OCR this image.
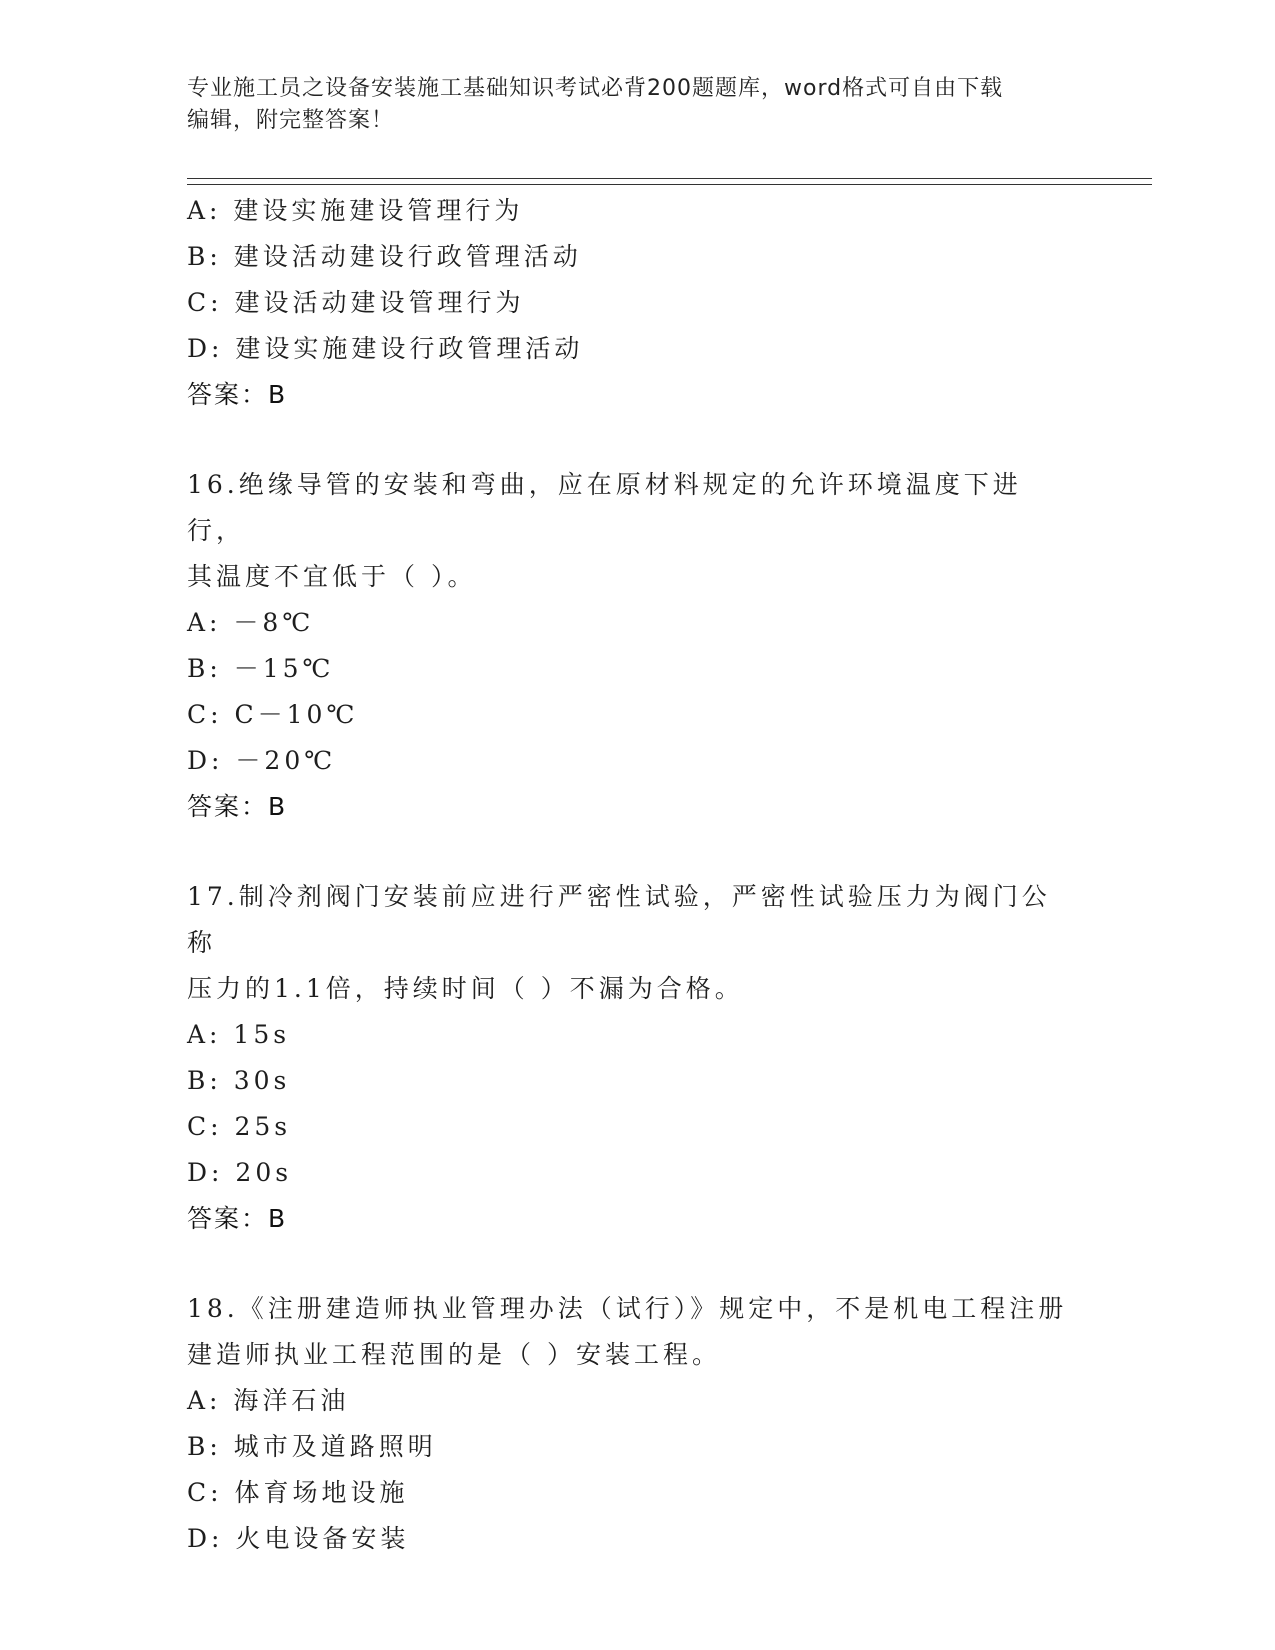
专业施工员之设备安装施工基础知识考试必背200题题库，word格式可自由下载
编辑，附完整答案！
A: 建设实施建设管理行为
B: 建设活动建设行政管理活动
C: 建设活动建设管理行为
D: 建设实施建设行政管理活动
答案：B
16.绝缘导管的安装和弯曲，应在原材料规定的允许环境温度下进行，
其温度不宜低于（ ）。
A: －8℃
B: －15℃
C: C－10℃
D: －20℃
答案：B
17.制冷剂阀门安装前应进行严密性试验，严密性试验压力为阀门公称
压力的1.1倍，持续时间（ ）不漏为合格。
A: 15s
B: 30s
C: 25s
D: 20s
答案：B
18.《注册建造师执业管理办法（试行）》规定中，不是机电工程注册
建造师执业工程范围的是（ ）安装工程。
A: 海洋石油
B: 城市及道路照明
C: 体育场地设施
D: 火电设备安装
